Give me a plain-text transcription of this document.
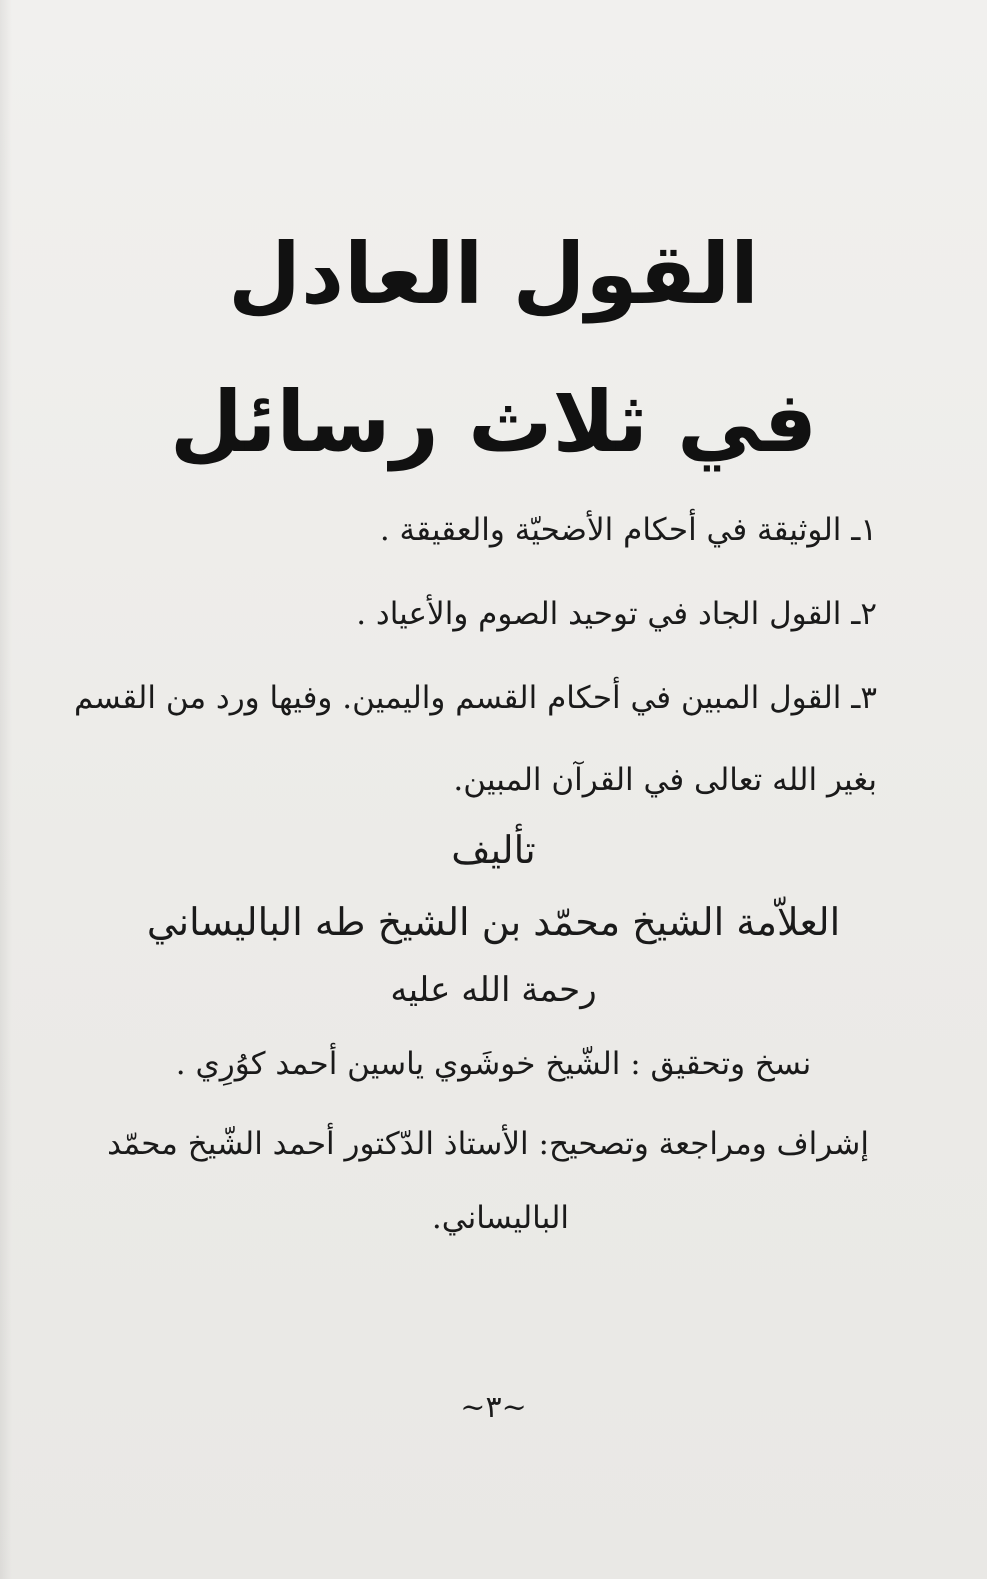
القول العادل
في ثلاث رسائل
١ـ الوثيقة في أحكام الأضحيّة والعقيقة .
٢ـ القول الجاد في توحيد الصوم والأعياد .
٣ـ القول المبين في أحكام القسم واليمين. وفيها ورد من القسم
بغير الله تعالى في القرآن المبين.
تأليف
العلاّمة الشيخ محمّد بن الشيخ طه الباليساني
رحمة الله عليه
نسخ وتحقيق : الشّيخ خوشَوي ياسين أحمد كوُرِي .
إشراف ومراجعة وتصحيح: الأستاذ الدّكتور أحمد الشّيخ محمّد
الباليساني.
~٣~
